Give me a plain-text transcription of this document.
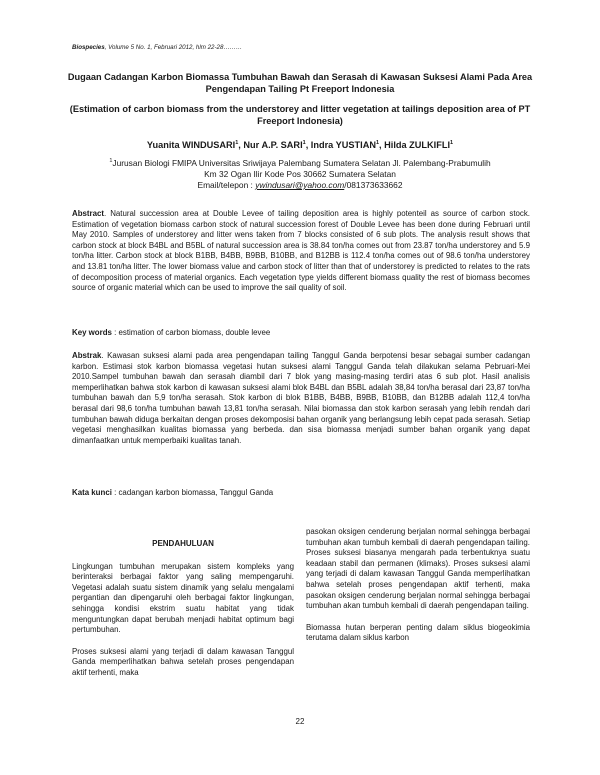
Biospecies, Volume 5 No. 1, Februari 2012, hlm 22-28………
Dugaan Cadangan Karbon Biomassa Tumbuhan Bawah dan Serasah di Kawasan Suksesi Alami Pada Area Pengendapan Tailing Pt Freeport Indonesia
(Estimation of carbon biomass from the understorey and litter vegetation at tailings deposition area of PT Freeport Indonesia)
Yuanita WINDUSARI$^1$, Nur A.P. SARI$^1$, Indra YUSTIAN$^1$, Hilda ZULKIFLI$^1$
$^1$Jurusan Biologi FMIPA Universitas Sriwijaya Palembang Sumatera Selatan Jl. Palembang-Prabumulih
Km 32 Ogan Ilir Kode Pos 30662 Sumatera Selatan
Email/telepon : ywindusari@yahoo.com/081373633662
Abstract. Natural succession area at Double Levee of tailing deposition area is highly potenteil as source of carbon stock. Estimation of vegetation biomass carbon stock of natural succession forest of Double Levee has been done during Februari until May 2010. Samples of understorey and litter wens taken from 7 blocks consisted of 6 sub plots. The analysis result shows that carbon stock at block B4BL and B5BL of natural succession area is 38.84 ton/ha comes out from 23.87 ton/ha understorey and 5.9 ton/ha litter. Carbon stock at block B1BB, B4BB, B9BB, B10BB, and B12BB is 112.4 ton/ha comes out of 98.6 ton/ha understorey and 13.81 ton/ha litter. The lower biomass value and carbon stock of litter than that of understorey is predicted to relates to the rats of decomposition process of material organics. Each vegetation type yields different biomass quality the rest of biomass becomes source of organic material which can be used to improve the sail quality of soil.
Key words : estimation of carbon biomass, double levee
Abstrak. Kawasan suksesi alami pada area pengendapan tailing Tanggul Ganda berpotensi besar sebagai sumber cadangan karbon. Estimasi stok karbon biomassa vegetasi hutan suksesi alami Tanggul Ganda telah dilakukan selama Pebruari-Mei 2010.Sampel tumbuhan bawah dan serasah diambil dari 7 blok yang masing-masing terdiri atas 6 sub plot. Hasil analisis memperlihatkan bahwa stok karbon di kawasan suksesi alami blok B4BL dan B5BL adalah 38,84 ton/ha berasal dari 23,87 ton/ha tumbuhan bawah dan 5,9 ton/ha serasah. Stok karbon di blok B1BB, B4BB, B9BB, B10BB, dan B12BB adalah 112,4 ton/ha berasal dari 98,6 ton/ha tumbuhan bawah 13,81 ton/ha serasah. Nilai biomassa dan stok karbon serasah yang lebih rendah dari tumbuhan bawah diduga berkaitan dengan proses dekomposisi bahan organik yang berlangsung lebih cepat pada serasah. Setiap vegetasi menghasilkan kualitas biomassa yang berbeda. dan sisa biomassa menjadi sumber bahan organik yang dapat dimanfaatkan untuk memperbaiki kualitas tanah.
Kata kunci : cadangan karbon biomassa, Tanggul Ganda
PENDAHULUAN

Lingkungan tumbuhan merupakan sistem kompleks yang berinteraksi berbagai faktor yang saling mempengaruhi. Vegetasi adalah suatu sistem dinamik yang selalu mengalami pergantian dan dipengaruhi oleh berbagai faktor lingkungan, sehingga kondisi ekstrim suatu habitat yang tidak menguntungkan dapat berubah menjadi habitat optimum bagi pertumbuhan.

Proses suksesi alami yang terjadi di dalam kawasan Tanggul Ganda memperlihatkan bahwa setelah proses pengendapan aktif terhenti, maka

pasokan oksigen cenderung berjalan normal sehingga berbagai tumbuhan akan tumbuh kembali di daerah pengendapan tailing. Proses suksesi biasanya mengarah pada terbentuknya suatu keadaan stabil dan permanen (klimaks). Proses suksesi alami yang terjadi di dalam kawasan Tanggul Ganda memperlihatkan bahwa setelah proses pengendapan aktif terhenti, maka pasokan oksigen cenderung berjalan normal sehingga berbagai tumbuhan akan tumbuh kembali di daerah pengendapan tailing.

Biomassa hutan berperan penting dalam siklus biogeokimia terutama dalam siklus karbon

22
